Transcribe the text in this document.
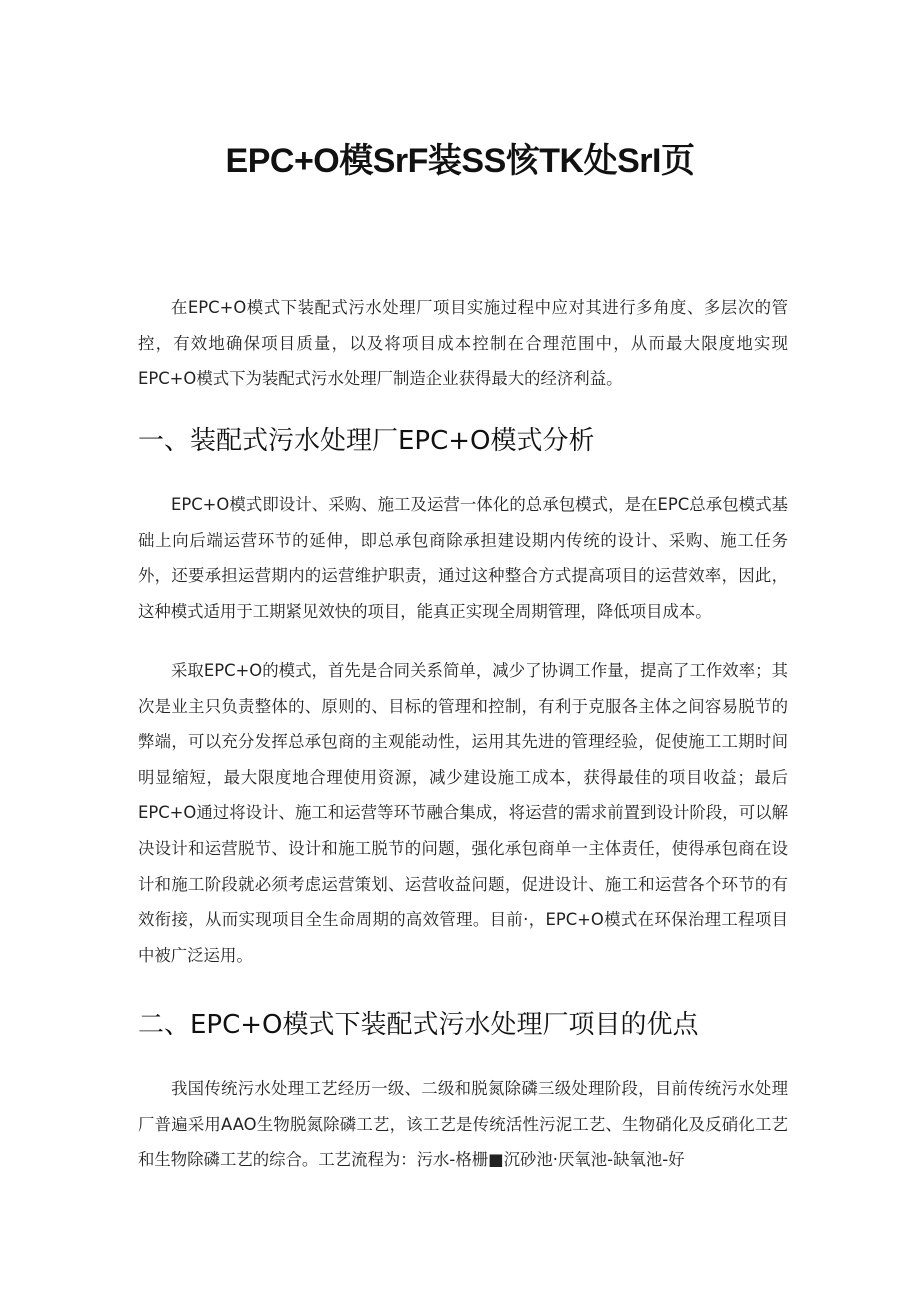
EPC+O模SrF装SS㤥TK处SrI页

在EPC+O模式下装配式污水处理厂项目实施过程中应对其进行多角度、多层次的管控，有效地确保项目质量，以及将项目成本控制在合理范围中，从而最大限度地实现EPC+O模式下为装配式污水处理厂制造企业获得最大的经济利益。

一、装配式污水处理厂EPC+O模式分析

EPC+O模式即设计、采购、施工及运营一体化的总承包模式，是在EPC总承包模式基础上向后端运营环节的延伸，即总承包商除承担建设期内传统的设计、采购、施工任务外，还要承担运营期内的运营维护职责，通过这种整合方式提高项目的运营效率，因此，这种模式适用于工期紧见效快的项目，能真正实现全周期管理，降低项目成本。

采取EPC+O的模式，首先是合同关系简单，减少了协调工作量，提高了工作效率；其次是业主只负责整体的、原则的、目标的管理和控制，有利于克服各主体之间容易脱节的弊端，可以充分发挥总承包商的主观能动性，运用其先进的管理经验，促使施工工期时间明显缩短，最大限度地合理使用资源，减少建设施工成本，获得最佳的项目收益；最后EPC+O通过将设计、施工和运营等环节融合集成，将运营的需求前置到设计阶段，可以解决设计和运营脱节、设计和施工脱节的问题，强化承包商单一主体责任，使得承包商在设计和施工阶段就必须考虑运营策划、运营收益问题，促进设计、施工和运营各个环节的有效衔接，从而实现项目全生命周期的高效管理。目前·，EPC+O模式在环保治理工程项目中被广泛运用。

二、EPC+O模式下装配式污水处理厂项目的优点

我国传统污水处理工艺经历一级、二级和脱氮除磷三级处理阶段，目前传统污水处理厂普遍采用AAO生物脱氮除磷工艺，该工艺是传统活性污泥工艺、生物硝化及反硝化工艺和生物除磷工艺的综合。工艺流程为：污水-格栅■沉砂池·厌氧池-缺氧池-好
